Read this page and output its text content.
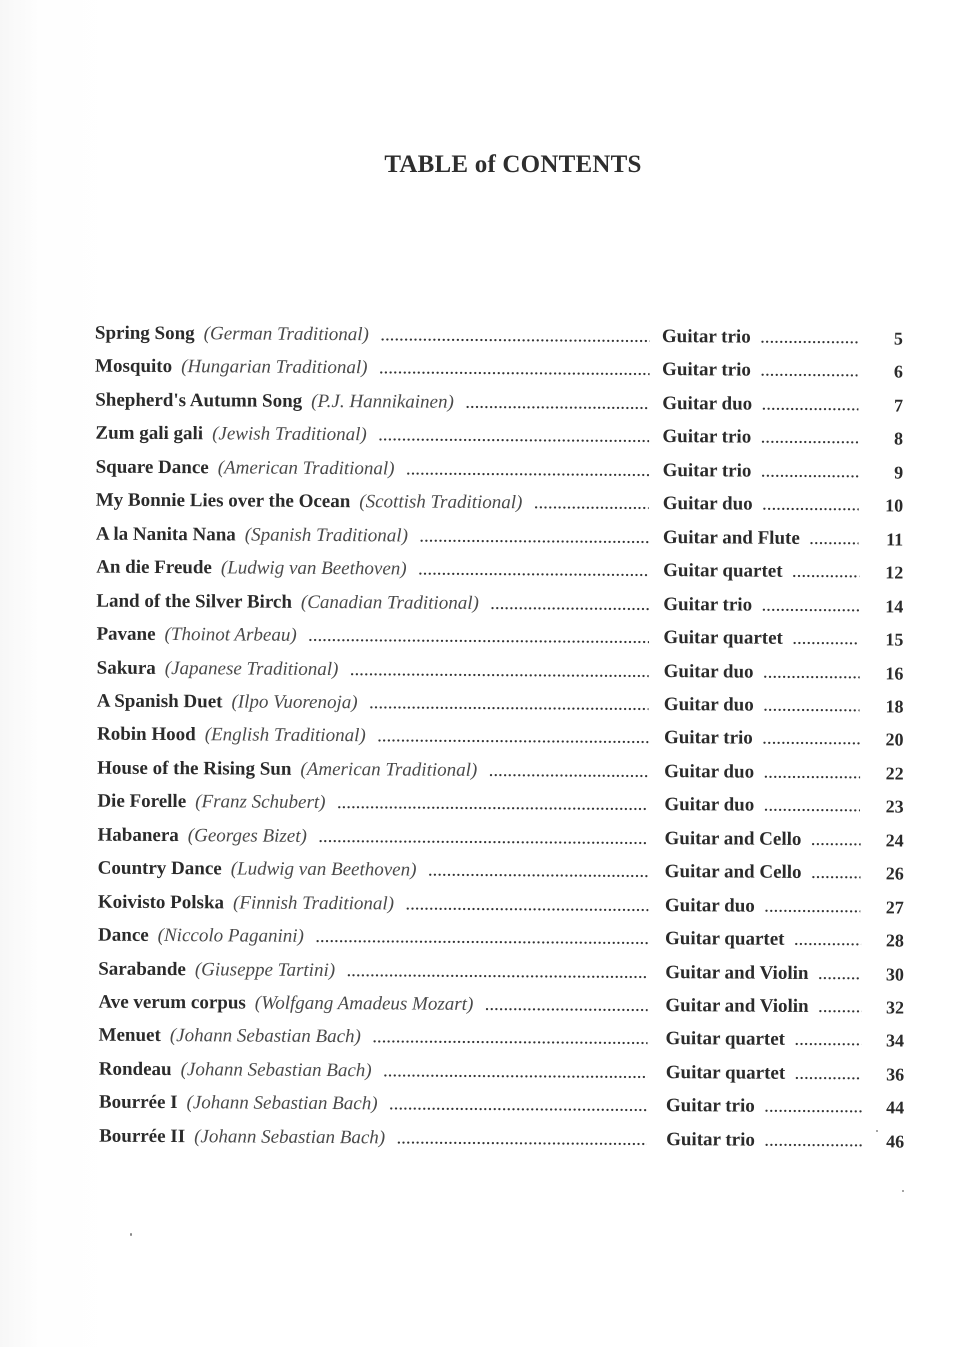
TABLE of CONTENTS
Spring Song (German Traditional) .....	Guitar trio .....	5
Mosquito (Hungarian Traditional) .....	Guitar trio .....	6
Shepherd's Autumn Song (P.J. Hannikainen) .....	Guitar duo .....	7
Zum gali gali (Jewish Traditional) .....	Guitar trio .....	8
Square Dance (American Traditional) .....	Guitar trio .....	9
My Bonnie Lies over the Ocean (Scottish Traditional) .....	Guitar duo .....	10
A la Nanita Nana (Spanish Traditional) .....	Guitar and Flute .....	11
An die Freude (Ludwig van Beethoven) .....	Guitar quartet .....	12
Land of the Silver Birch (Canadian Traditional) .....	Guitar trio .....	14
Pavane (Thoinot Arbeau) .....	Guitar quartet .....	15
Sakura (Japanese Traditional) .....	Guitar duo .....	16
A Spanish Duet (Ilpo Vuorenoja) .....	Guitar duo .....	18
Robin Hood (English Traditional) .....	Guitar trio .....	20
House of the Rising Sun (American Traditional) .....	Guitar duo .....	22
Die Forelle (Franz Schubert) .....	Guitar duo .....	23
Habanera (Georges Bizet) .....	Guitar and Cello .....	24
Country Dance (Ludwig van Beethoven) .....	Guitar and Cello .....	26
Koivisto Polska (Finnish Traditional) .....	Guitar duo .....	27
Dance (Niccolo Paganini) .....	Guitar quartet .....	28
Sarabande (Giuseppe Tartini) .....	Guitar and Violin .....	30
Ave verum corpus (Wolfgang Amadeus Mozart) .....	Guitar and Violin .....	32
Menuet (Johann Sebastian Bach) .....	Guitar quartet .....	34
Rondeau (Johann Sebastian Bach) .....	Guitar quartet .....	36
Bourrée I (Johann Sebastian Bach) .....	Guitar trio .....	44
Bourrée II (Johann Sebastian Bach) .....	Guitar trio .....	46
